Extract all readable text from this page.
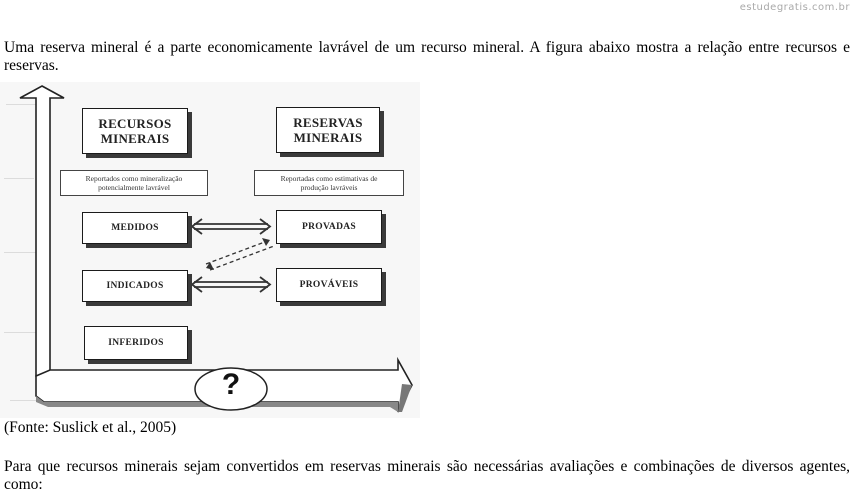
estudegratis.com.br
Uma reserva mineral é a parte economicamente lavrável de um recurso mineral. A figura abaixo mostra a relação entre recursos e reservas.
RECURSOS
MINERAIS
RESERVAS
MINERAIS
Reportados como mineralização
potencialmente lavrável
Reportadas como estimativas de
produção lavráveis
MEDIDOS	PROVADAS
INDICADOS	PROVÁVEIS
INFERIDOS
?
(Fonte: Suslick et al., 2005)
Para que recursos minerais sejam convertidos em reservas minerais são necessárias avaliações e combinações de diversos agentes, como:
